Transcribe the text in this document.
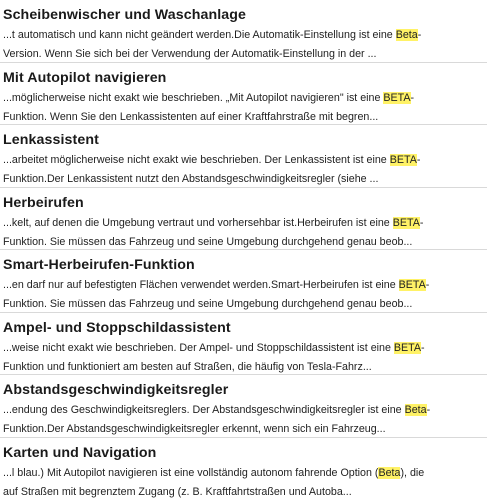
Scheibenwischer und Waschanlage

...t automatisch und kann nicht geändert werden.Die Automatik-Einstellung ist eine Beta-
Version. Wenn Sie sich bei der Verwendung der Automatik-Einstellung in der ...

Mit Autopilot navigieren

...möglicherweise nicht exakt wie beschrieben. „Mit Autopilot navigieren" ist eine BETA-
Funktion. Wenn Sie den Lenkassistenten auf einer Kraftfahrstraße mit begren...

Lenkassistent

...arbeitet möglicherweise nicht exakt wie beschrieben. Der Lenkassistent ist eine BETA-
Funktion.Der Lenkassistent nutzt den Abstandsgeschwindigkeitsregler (siehe ...

Herbeirufen

...kelt, auf denen die Umgebung vertraut und vorhersehbar ist.Herbeirufen ist eine BETA-
Funktion. Sie müssen das Fahrzeug und seine Umgebung durchgehend genau beob...

Smart-Herbeirufen-Funktion

...en darf nur auf befestigten Flächen verwendet werden.Smart-Herbeirufen ist eine BETA-
Funktion. Sie müssen das Fahrzeug und seine Umgebung durchgehend genau beob...

Ampel- und Stoppschildassistent

...weise nicht exakt wie beschrieben. Der Ampel- und Stoppschildassistent ist eine BETA-
Funktion und funktioniert am besten auf Straßen, die häufig von Tesla-Fahrz...

Abstandsgeschwindigkeitsregler

...endung des Geschwindigkeitsreglers. Der Abstandsgeschwindigkeitsregler ist eine Beta-
Funktion.Der Abstandsgeschwindigkeitsregler erkennt, wenn sich ein Fahrzeug...

Karten und Navigation

...l blau.) Mit Autopilot navigieren ist eine vollständig autonom fahrende Option (Beta), die
auf Straßen mit begrenztem Zugang (z. B. Kraftfahrtstraßen und Autoba...
